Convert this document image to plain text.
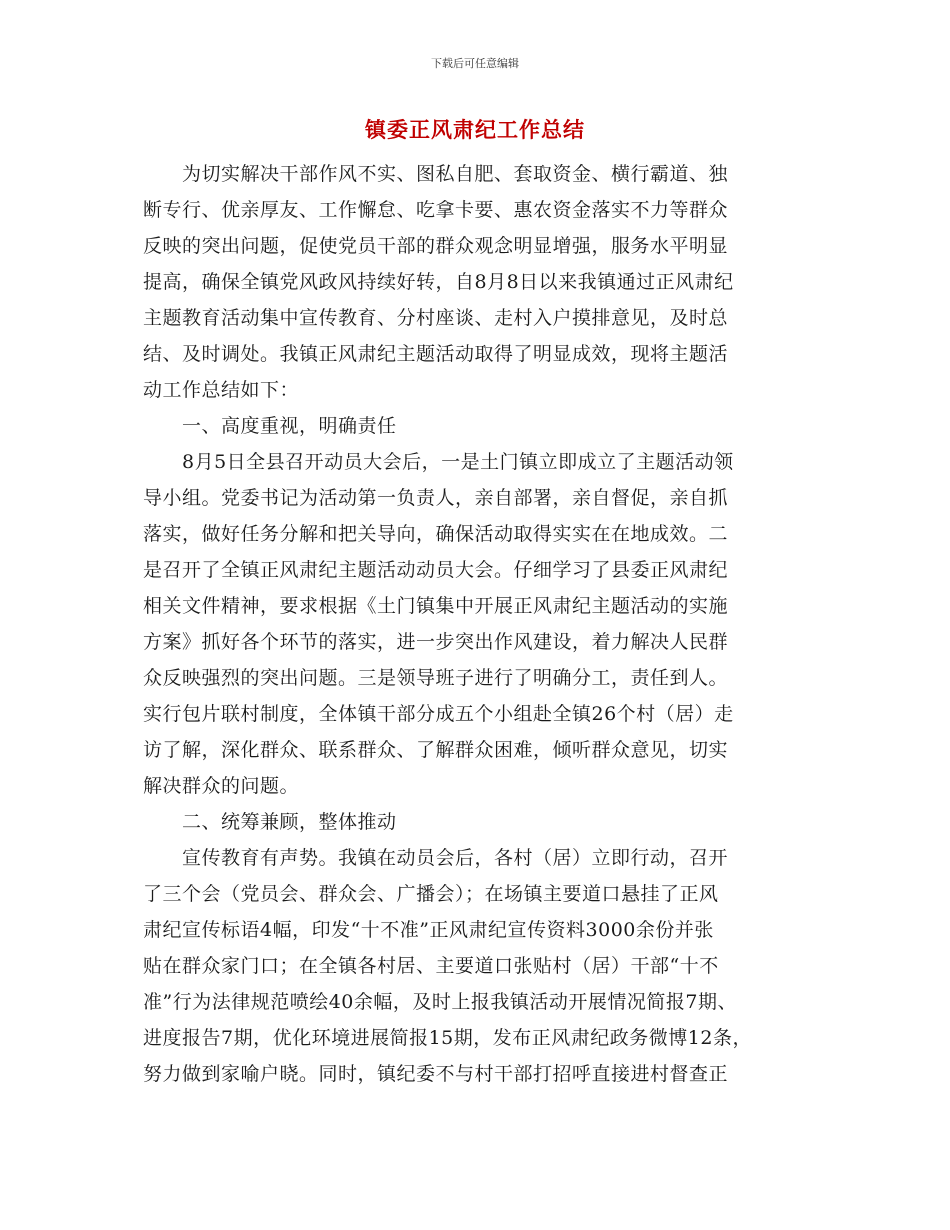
下载后可任意编辑
镇委正风肃纪工作总结
　　为切实解决干部作风不实、图私自肥、套取资金、横行霸道、独
断专行、优亲厚友、工作懈怠、吃拿卡要、惠农资金落实不力等群众
反映的突出问题，促使党员干部的群众观念明显增强，服务水平明显
提高，确保全镇党风政风持续好转，自8月8日以来我镇通过正风肃纪
主题教育活动集中宣传教育、分村座谈、走村入户摸排意见，及时总
结、及时调处。我镇正风肃纪主题活动取得了明显成效，现将主题活
动工作总结如下：
　　一、高度重视，明确责任
　　8月5日全县召开动员大会后，一是土门镇立即成立了主题活动领
导小组。党委书记为活动第一负责人，亲自部署，亲自督促，亲自抓
落实，做好任务分解和把关导向，确保活动取得实实在在地成效。二
是召开了全镇正风肃纪主题活动动员大会。仔细学习了县委正风肃纪
相关文件精神，要求根据《土门镇集中开展正风肃纪主题活动的实施
方案》抓好各个环节的落实，进一步突出作风建设，着力解决人民群
众反映强烈的突出问题。三是领导班子进行了明确分工，责任到人。
实行包片联村制度，全体镇干部分成五个小组赴全镇26个村（居）走
访了解，深化群众、联系群众、了解群众困难，倾听群众意见，切实
解决群众的问题。
　　二、统筹兼顾，整体推动
　　宣传教育有声势。我镇在动员会后，各村（居）立即行动，召开
了三个会（党员会、群众会、广播会）；在场镇主要道口悬挂了正风
肃纪宣传标语4幅，印发“十不准”正风肃纪宣传资料3000余份并张
贴在群众家门口；在全镇各村居、主要道口张贴村（居）干部“十不
准”行为法律规范喷绘40余幅，及时上报我镇活动开展情况简报7期、
进度报告7期，优化环境进展简报15期，发布正风肃纪政务微博12条，
努力做到家喻户晓。同时，镇纪委不与村干部打招呼直接进村督查正
